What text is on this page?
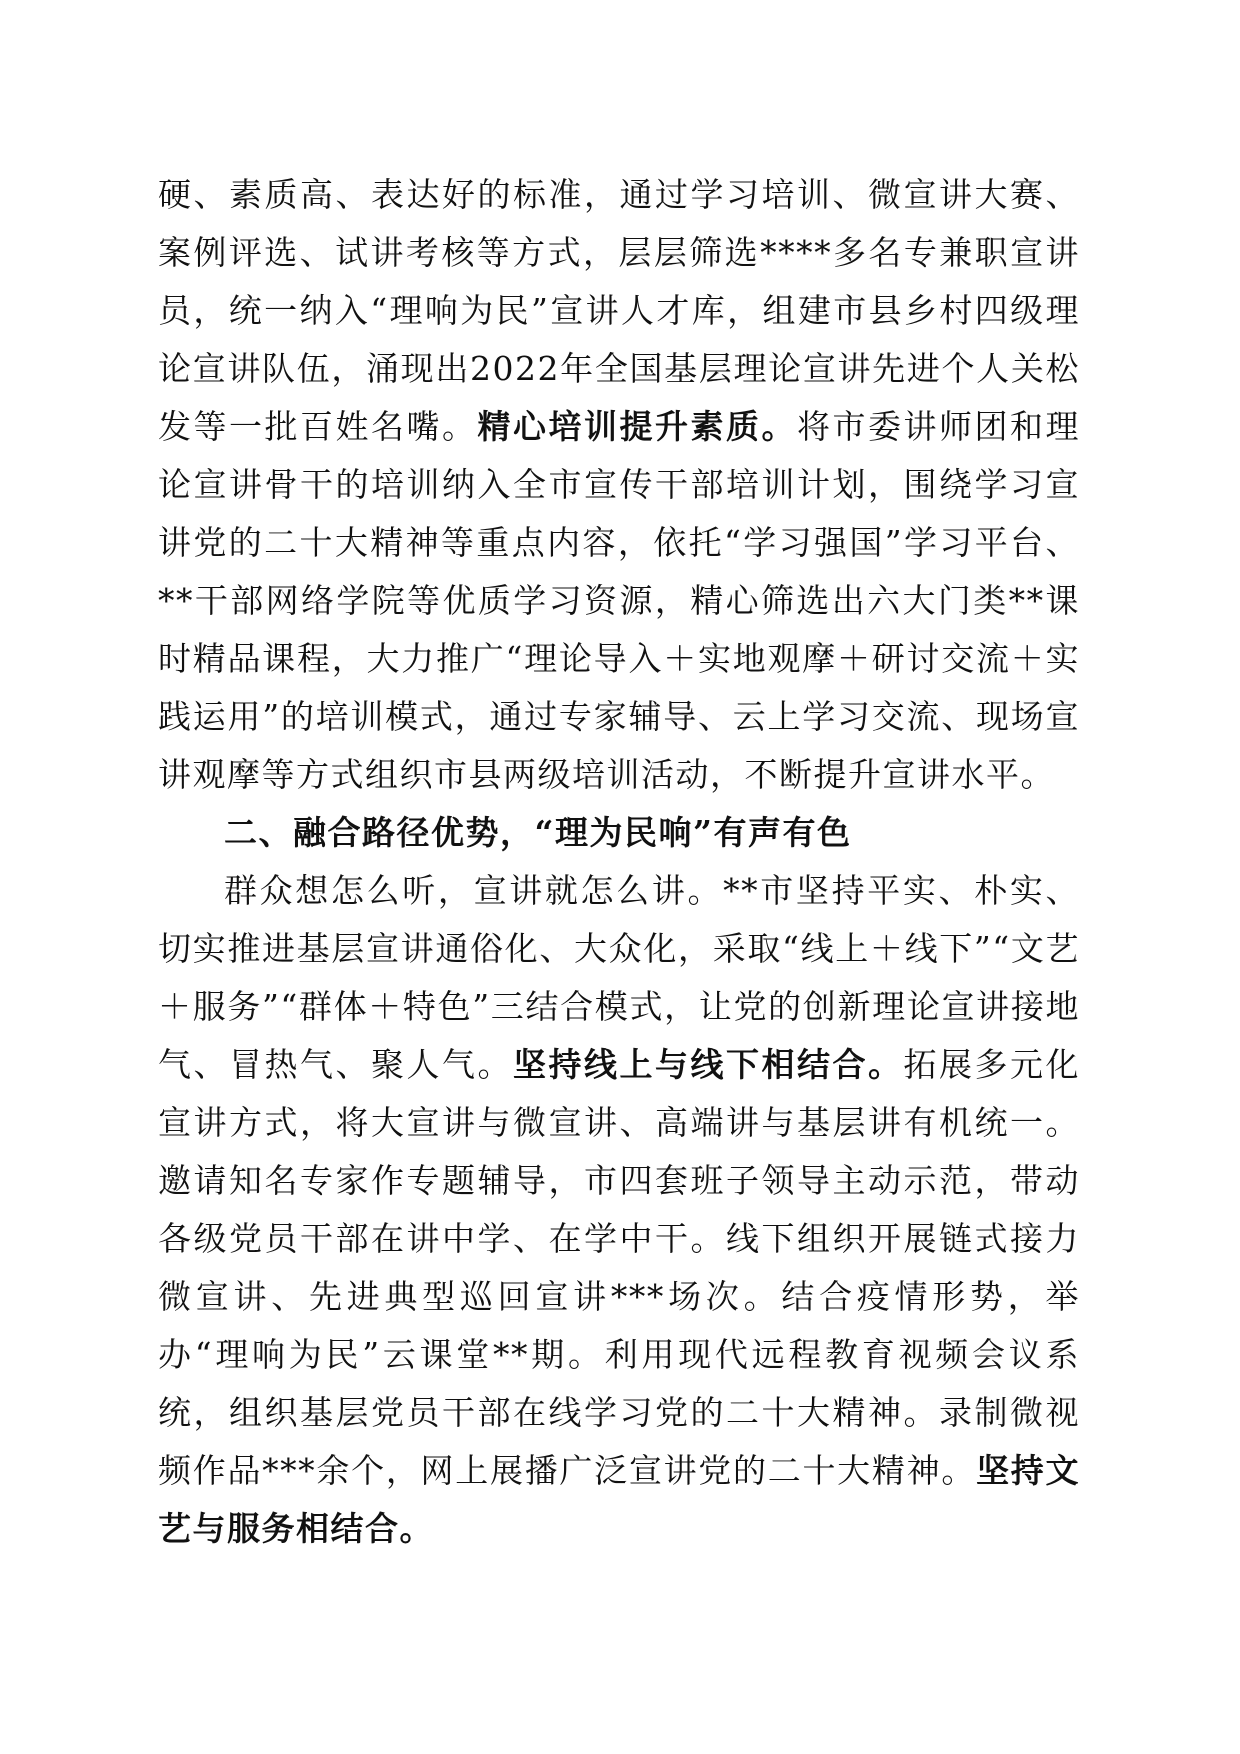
硬、素质高、表达好的标准，通过学习培训、微宣讲大赛、案例评选、试讲考核等方式，层层筛选****多名专兼职宣讲员，统一纳入“理响为民”宣讲人才库，组建市县乡村四级理论宣讲队伍，涌现出2022年全国基层理论宣讲先进个人关松发等一批百姓名嘴。精心培训提升素质。将市委讲师团和理论宣讲骨干的培训纳入全市宣传干部培训计划，围绕学习宣讲党的二十大精神等重点内容，依托“学习强国”学习平台、**干部网络学院等优质学习资源，精心筛选出六大门类**课时精品课程，大力推广“理论导入＋实地观摩＋研讨交流＋实践运用”的培训模式，通过专家辅导、云上学习交流、现场宣讲观摩等方式组织市县两级培训活动，不断提升宣讲水平。

二、融合路径优势，“理为民响”有声有色

群众想怎么听，宣讲就怎么讲。**市坚持平实、朴实、切实推进基层宣讲通俗化、大众化，采取“线上＋线下”“文艺＋服务”“群体＋特色”三结合模式，让党的创新理论宣讲接地气、冒热气、聚人气。坚持线上与线下相结合。拓展多元化宣讲方式，将大宣讲与微宣讲、高端讲与基层讲有机统一。邀请知名专家作专题辅导，市四套班子领导主动示范，带动各级党员干部在讲中学、在学中干。线下组织开展链式接力微宣讲、先进典型巡回宣讲***场次。结合疫情形势，举办“理响为民”云课堂**期。利用现代远程教育视频会议系统，组织基层党员干部在线学习党的二十大精神。录制微视频作品***余个，网上展播广泛宣讲党的二十大精神。坚持文艺与服务相结合。
